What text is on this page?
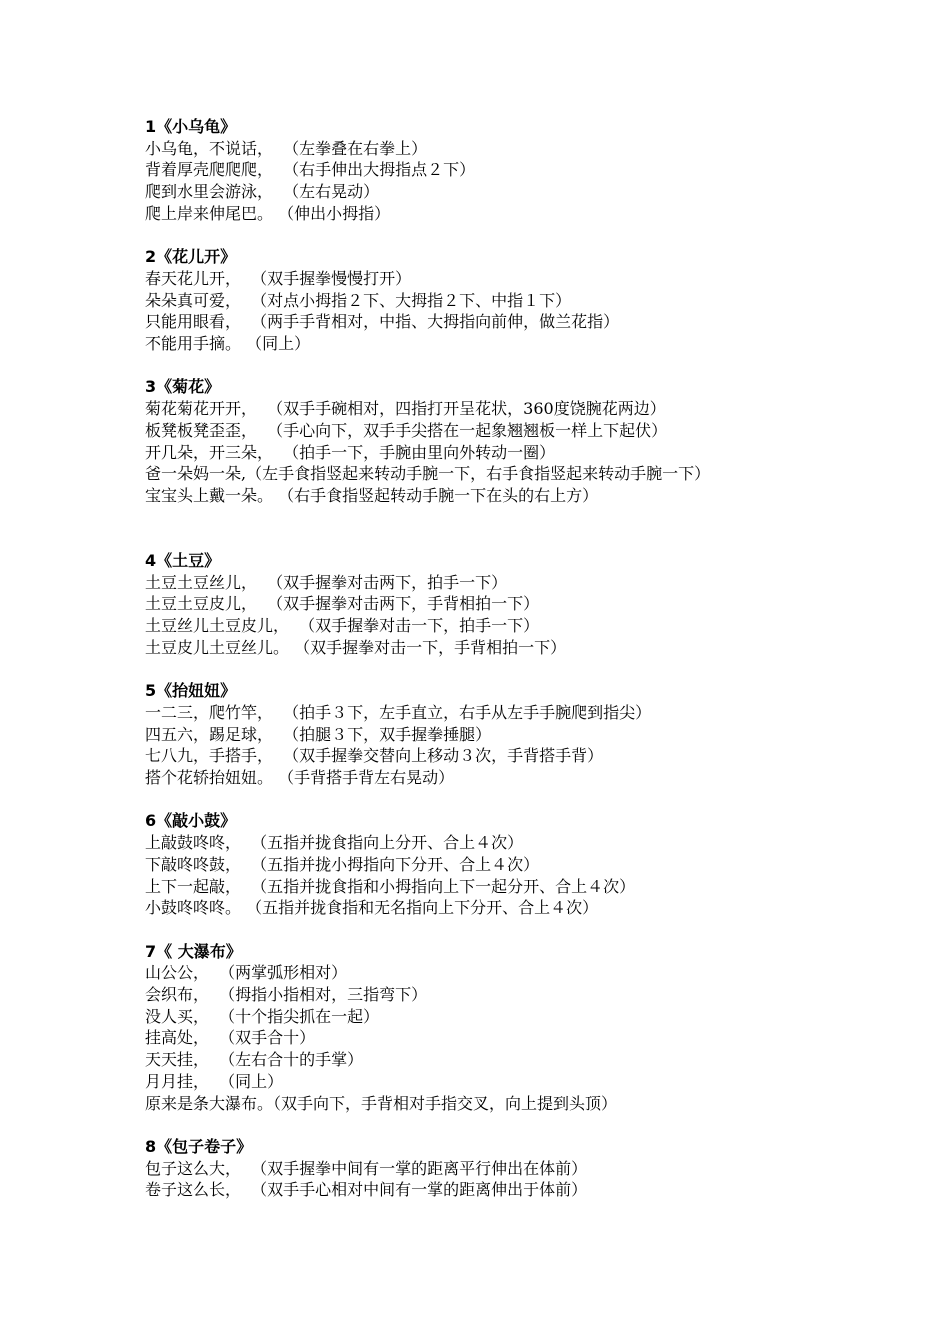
1《小乌龟》
小乌龟，不说话，  （左拳叠在右拳上）
背着厚壳爬爬爬，  （右手伸出大拇指点２下）
爬到水里会游泳，  （左右晃动）
爬上岸来伸尾巴。 （伸出小拇指）
2《花儿开》
春天花儿开，  （双手握拳慢慢打开）
朵朵真可爱，  （对点小拇指２下、大拇指２下、中指１下）
只能用眼看，  （两手手背相对，中指、大拇指向前伸，做兰花指）
不能用手摘。 （同上）
3《菊花》
菊花菊花开开，  （双手手碗相对，四指打开呈花状，360度饶腕花两边）
板凳板凳歪歪，  （手心向下，双手手尖搭在一起象翘翘板一样上下起伏）
开几朵，开三朵，  （拍手一下，手腕由里向外转动一圈）
爸一朵妈一朵,（左手食指竖起来转动手腕一下，右手食指竖起来转动手腕一下）
宝宝头上戴一朵。 （右手食指竖起转动手腕一下在头的右上方）
4《土豆》
土豆土豆丝儿，  （双手握拳对击两下，拍手一下）
土豆土豆皮儿，  （双手握拳对击两下，手背相拍一下）
土豆丝儿土豆皮儿，  （双手握拳对击一下，拍手一下）
土豆皮儿土豆丝儿。 （双手握拳对击一下，手背相拍一下）
5《抬妞妞》
一二三，爬竹竿，  （拍手３下，左手直立，右手从左手手腕爬到指尖）
四五六，踢足球，  （拍腿３下，双手握拳捶腿）
七八九，手搭手，  （双手握拳交替向上移动３次，手背搭手背）
搭个花轿抬妞妞。 （手背搭手背左右晃动）
6《敲小鼓》
上敲鼓咚咚，  （五指并拢食指向上分开、合上４次）
下敲咚咚鼓，  （五指并拢小拇指向下分开、合上４次）
上下一起敲，  （五指并拢食指和小拇指向上下一起分开、合上４次）
小鼓咚咚咚。 （五指并拢食指和无名指向上下分开、合上４次）
7《 大瀑布》
山公公，  （两掌弧形相对）
会织布，  （拇指小指相对，三指弯下）
没人买，  （十个指尖抓在一起）
挂高处，  （双手合十）
天天挂，  （左右合十的手掌）
月月挂，  （同上）
原来是条大瀑布。（双手向下，手背相对手指交叉，向上提到头顶）
8《包子卷子》
包子这么大，  （双手握拳中间有一掌的距离平行伸出在体前）
卷子这么长，  （双手手心相对中间有一掌的距离伸出于体前）
